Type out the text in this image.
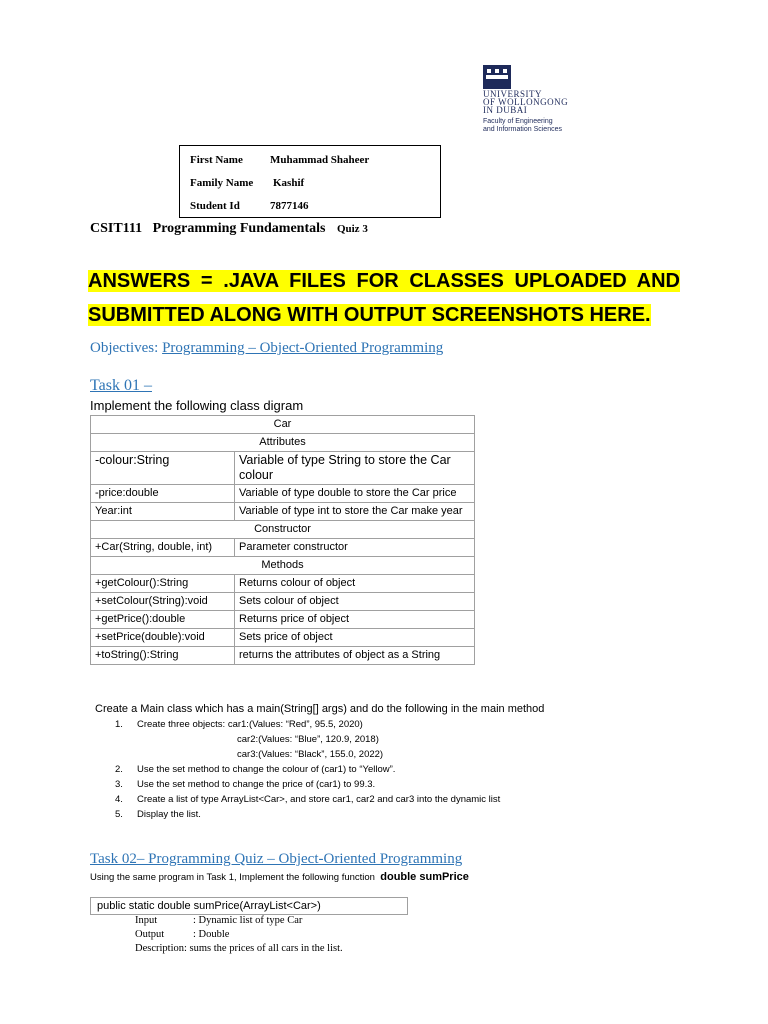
UNIVERSITY
OF WOLLONGONG
IN DUBAI
Faculty of Engineering
and Information Sciences
First Name Muhammad Shaheer
Family Name Kashif
Student Id	7877146
CSIT111 Programming Fundamentals Quiz 3
ANSWERS = .JAVA FILES FOR CLASSES UPLOADED AND
SUBMITTED ALONG WITH OUTPUT SCREENSHOTS HERE.
Objectives: Programming – Object-Oriented Programming
Task 01 –
Implement the following class digram
Car	
Attributes	
-colour:String	Variable of type String to store the Car colour
-price:double	Variable of type double to store the Car price
Year:int	Variable of type int to store the Car make year
Constructor	
+Car(String, double, int)	Parameter constructor
Methods	
+getColour():String	Returns colour of object
+setColour(String):void	Sets colour of object
+getPrice():double	Returns price of object
+setPrice(double):void	Sets price of object
+toString():String	returns the attributes of object as a String
Create a Main class which has a main(String[] args) and do the following in the main method
1. Create three objects: car1:(Values: “Red”, 95.5, 2020)
car2:(Values: “Blue”, 120.9, 2018)
car3:(Values: “Black”, 155.0, 2022)
2. Use the set method to change the colour of (car1) to “Yellow”.
3. Use the set method to change the price of (car1) to 99.3.
4. Create a list of type ArrayList<Car>, and store car1, car2 and car3 into the dynamic list
5. Display the list.
Task 02– Programming Quiz – Object-Oriented Programming
Using the same program in Task 1, Implement the following function double sumPrice
public static double sumPrice(ArrayList<Car>)
Input	: Dynamic list of type Car
Output	: Double
Description: sums the prices of all cars in the list.
